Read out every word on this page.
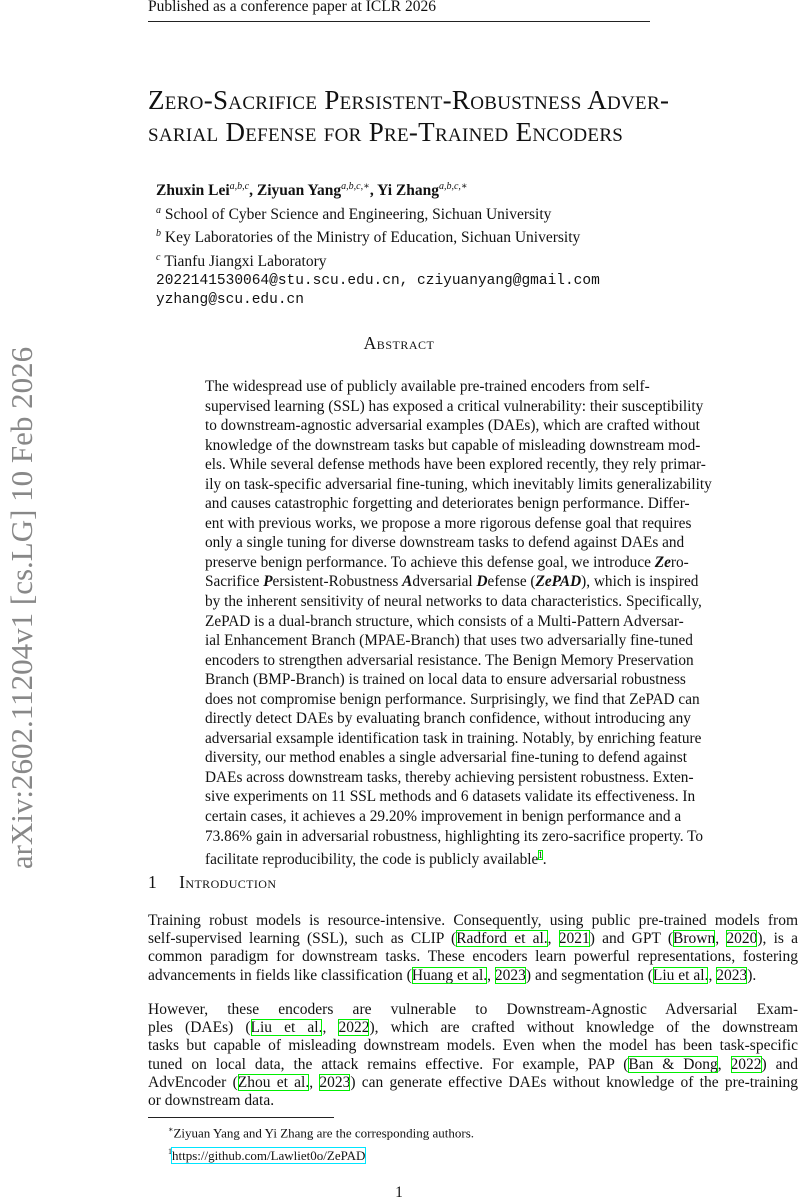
Published as a conference paper at ICLR 2026
arXiv:2602.11204v1 [cs.LG] 10 Feb 2026
Zero-Sacrifice Persistent-Robustness Adver-
sarial Defense for Pre-Trained Encoders
Zhuxin Lei$^{a,b,c}$, Ziyuan Yang$^{a,b,c,∗}$, Yi Zhang$^{a,b,c,∗}$
$^a$ School of Cyber Science and Engineering, Sichuan University
$^b$ Key Laboratories of the Ministry of Education, Sichuan University
$^c$ Tianfu Jiangxi Laboratory
2022141530064@stu.scu.edu.cn, cziyuanyang@gmail.com
yzhang@scu.edu.cn
Abstract
The widespread use of publicly available pre-trained encoders from self-
supervised learning (SSL) has exposed a critical vulnerability: their susceptibility
to downstream-agnostic adversarial examples (DAEs), which are crafted without
knowledge of the downstream tasks but capable of misleading downstream mod-
els. While several defense methods have been explored recently, they rely primar-
ily on task-specific adversarial fine-tuning, which inevitably limits generalizability
and causes catastrophic forgetting and deteriorates benign performance. Differ-
ent with previous works, we propose a more rigorous defense goal that requires
only a single tuning for diverse downstream tasks to defend against DAEs and
preserve benign performance. To achieve this defense goal, we introduce Zero-
Sacrifice Persistent-Robustness Adversarial Defense (ZePAD), which is inspired
by the inherent sensitivity of neural networks to data characteristics. Specifically,
ZePAD is a dual-branch structure, which consists of a Multi-Pattern Adversar-
ial Enhancement Branch (MPAE-Branch) that uses two adversarially fine-tuned
encoders to strengthen adversarial resistance. The Benign Memory Preservation
Branch (BMP-Branch) is trained on local data to ensure adversarial robustness
does not compromise benign performance. Surprisingly, we find that ZePAD can
directly detect DAEs by evaluating branch confidence, without introducing any
adversarial exsample identification task in training. Notably, by enriching feature
diversity, our method enables a single adversarial fine-tuning to defend against
DAEs across downstream tasks, thereby achieving persistent robustness. Exten-
sive experiments on 11 SSL methods and 6 datasets validate its effectiveness. In
certain cases, it achieves a 29.20% improvement in benign performance and a
73.86% gain in adversarial robustness, highlighting its zero-sacrifice property. To
facilitate reproducibility, the code is publicly available$^1$.
1 Introduction
Training robust models is resource-intensive. Consequently, using public pre-trained models from
self-supervised learning (SSL), such as CLIP (Radford et al., 2021) and GPT (Brown, 2020), is a
common paradigm for downstream tasks. These encoders learn powerful representations, fostering
advancements in fields like classification (Huang et al., 2023) and segmentation (Liu et al., 2023).
However, these encoders are vulnerable to Downstream-Agnostic Adversarial Exam-
ples (DAEs) (Liu et al., 2022), which are crafted without knowledge of the downstream
tasks but capable of misleading downstream models. Even when the model has been task-specific
tuned on local data, the attack remains effective. For example, PAP (Ban & Dong, 2022) and
AdvEncoder (Zhou et al., 2023) can generate effective DAEs without knowledge of the pre-training
or downstream data.
∗Ziyuan Yang and Yi Zhang are the corresponding authors.
$^1$https://github.com/Lawliet0o/ZePAD
1
